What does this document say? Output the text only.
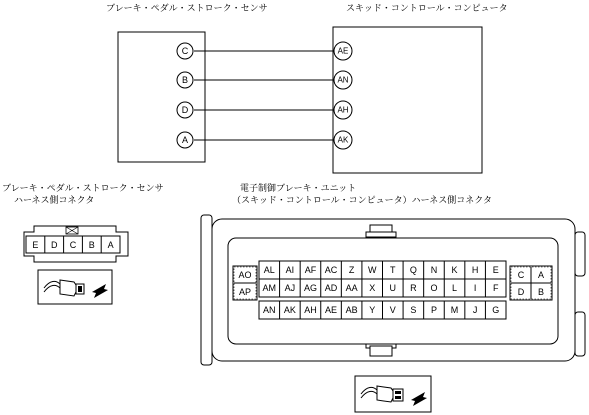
ブレーキ・ペダル・ストローク・センサ	スキッド・コントロール・コンピュータ
C
B
D
A
AE
AN
AH
AK
ブレーキ・ペダル・ストローク・センサ
ハーネス側コネクタ
E D C B A
電子制御ブレーキ・ユニット
（スキッド・コントロール・コンピュータ）ハーネス側コネクタ
AO
AP
C A
D B
AL AI AF AC Z W T Q N K H E
AM AJ AG AD AA X U R O L I F
AN AK AH AE AB Y V S P M J G
